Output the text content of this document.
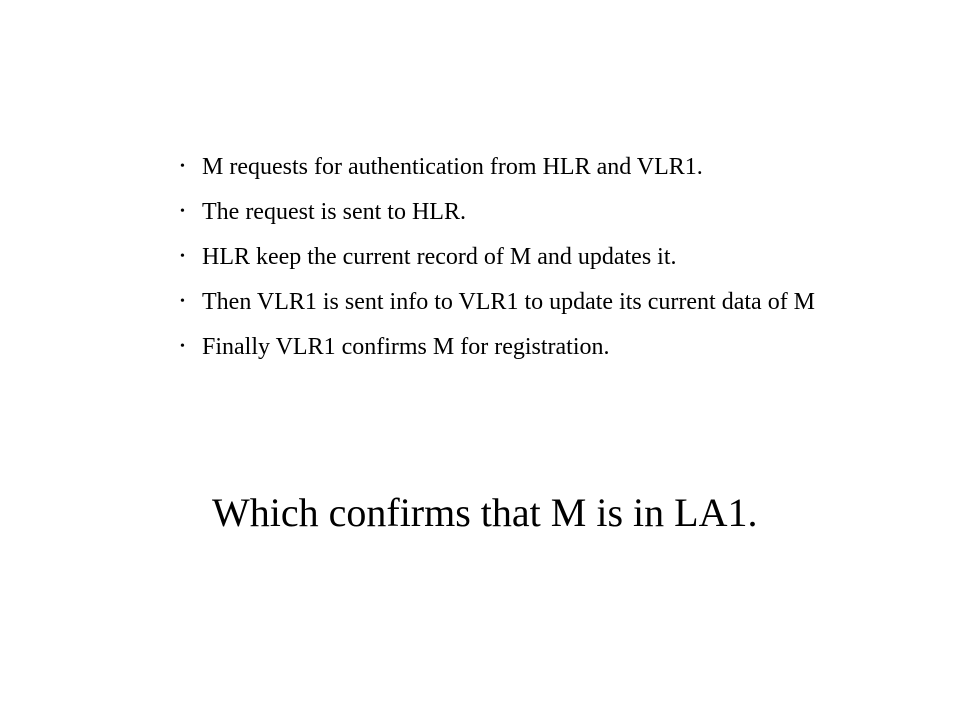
• M requests for authentication from HLR and VLR1.
• The request is sent to HLR.
• HLR keep the current record of M and updates it.
• Then VLR1 is sent info to VLR1 to update its current data of M
• Finally VLR1 confirms M for registration.
Which confirms that M is in LA1.
